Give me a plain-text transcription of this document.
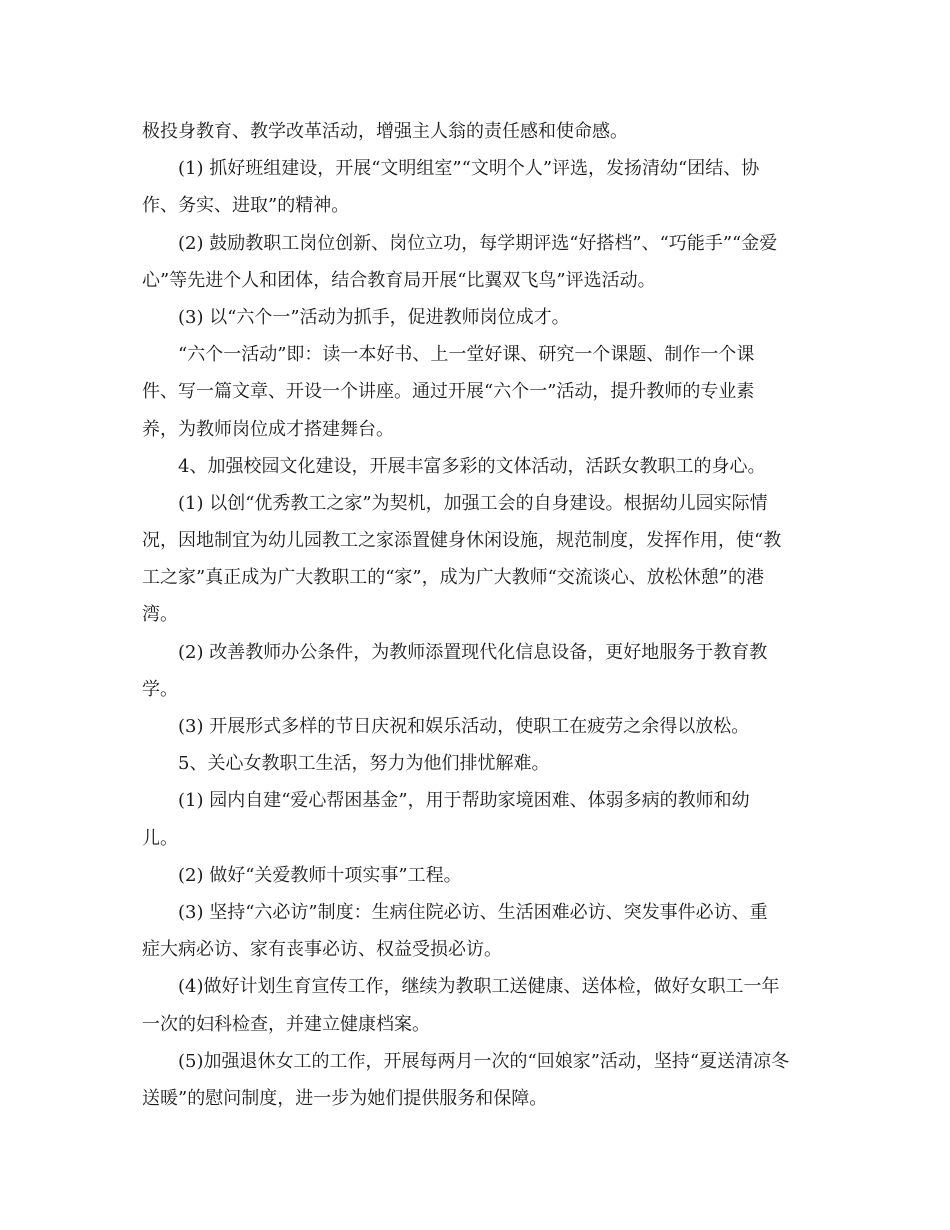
极投身教育、教学改革活动，增强主人翁的责任感和使命感。
(1) 抓好班组建设，开展“文明组室”“文明个人”评选，发扬清幼“团结、协
作、务实、进取”的精神。
(2) 鼓励教职工岗位创新、岗位立功，每学期评选“好搭档”、“巧能手”“金爱
心”等先进个人和团体，结合教育局开展“比翼双飞鸟”评选活动。
(3) 以“六个一”活动为抓手，促进教师岗位成才。
“六个一活动”即：读一本好书、上一堂好课、研究一个课题、制作一个课
件、写一篇文章、开设一个讲座。通过开展“六个一”活动，提升教师的专业素
养，为教师岗位成才搭建舞台。
4、加强校园文化建设，开展丰富多彩的文体活动，活跃女教职工的身心。
(1) 以创“优秀教工之家”为契机，加强工会的自身建设。根据幼儿园实际情
况，因地制宜为幼儿园教工之家添置健身休闲设施，规范制度，发挥作用，使“教
工之家”真正成为广大教职工的“家”，成为广大教师“交流谈心、放松休憩”的港
湾。
(2) 改善教师办公条件，为教师添置现代化信息设备，更好地服务于教育教
学。
(3) 开展形式多样的节日庆祝和娱乐活动，使职工在疲劳之余得以放松。
5、关心女教职工生活，努力为他们排忧解难。
(1) 园内自建“爱心帮困基金”，用于帮助家境困难、体弱多病的教师和幼
儿。
(2) 做好“关爱教师十项实事”工程。
(3) 坚持“六必访”制度：生病住院必访、生活困难必访、突发事件必访、重
症大病必访、家有丧事必访、权益受损必访。
(4)做好计划生育宣传工作，继续为教职工送健康、送体检，做好女职工一年
一次的妇科检查，并建立健康档案。
(5)加强退休女工的工作，开展每两月一次的“回娘家”活动，坚持“夏送清凉冬
送暖”的慰问制度，进一步为她们提供服务和保障。
